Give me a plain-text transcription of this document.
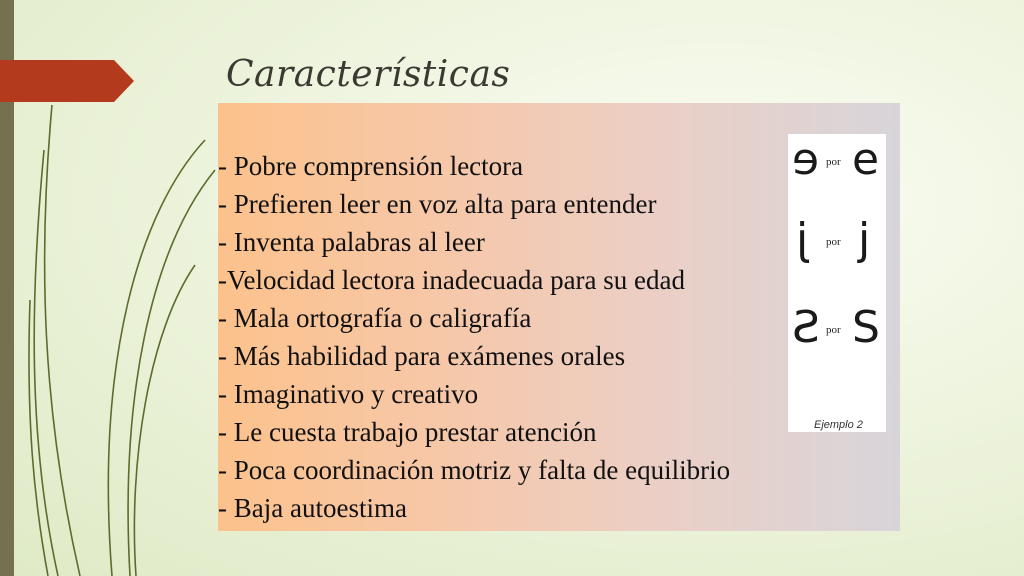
Características
- Pobre comprensión lectora
- Prefieren leer en voz alta para entender
- Inventa palabras al leer
-Velocidad lectora inadecuada para su edad
- Mala ortografía o caligrafía
- Más habilidad para exámenes orales
- Imaginativo y creativo
- Le cuesta trabajo prestar atención
- Poca coordinación motriz y falta de equilibrio
- Baja autoestima
e por e
j por j
S por S
Ejemplo 2
